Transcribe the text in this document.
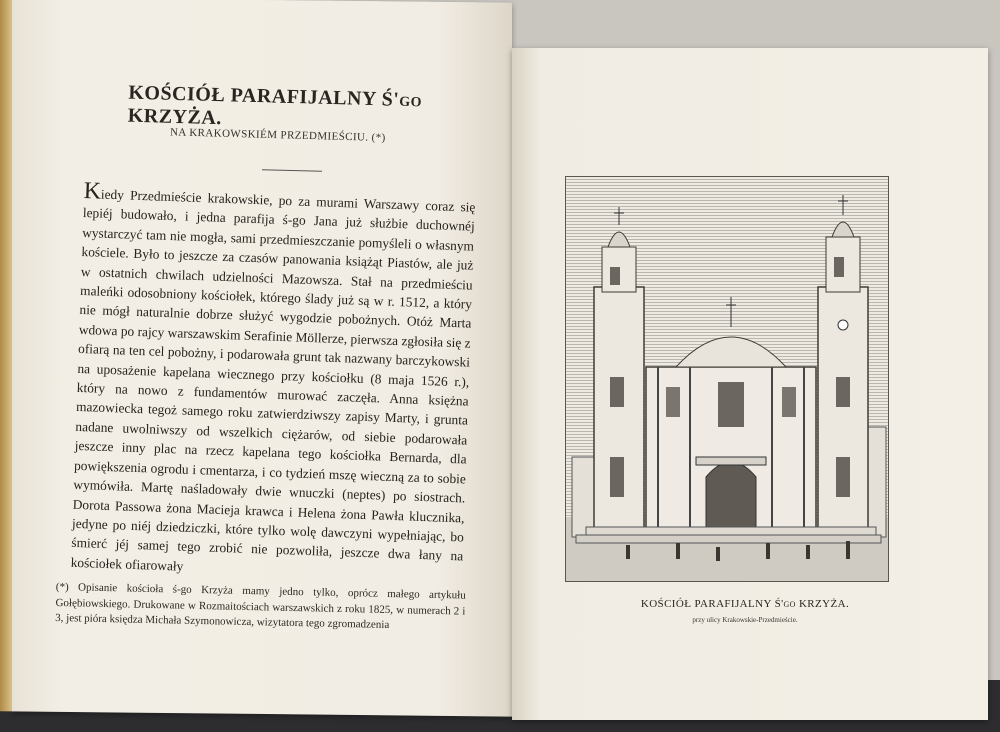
KOŚCIÓŁ PARAFIJALNY Ś'go KRZYŻA.
NA KRAKOWSKIÉM PRZEDMIEŚCIU. (*)
Kiedy Przedmieście krakowskie, po za murami Warszawy coraz się lepiéj budowało, i jedna parafija ś-go Jana już służbie duchownéj wystarczyć tam nie mogła, sami przedmieszczanie pomyśleli o własnym kościele. Było to jeszcze za czasów panowania książąt Piastów, ale już w ostatnich chwilach udzielności Mazowsza. Stał na przedmieściu maleńki odosobniony kościołek, którego ślady już są w r. 1512, a który nie mógł naturalnie dobrze służyć wygodzie pobożnych. Otóż Marta wdowa po rajcy warszawskim Serafinie Möllerze, pierwsza zgłosiła się z ofiarą na ten cel pobożny, i podarowała grunt tak nazwany barczykowski na uposażenie kapelana wiecznego przy kościołku (8 maja 1526 r.), który na nowo z fundamentów murować zaczęła. Anna księżna mazowiecka tegoż samego roku zatwierdziwszy zapisy Marty, i grunta nadane uwolniwszy od wszelkich ciężarów, od siebie podarowała jeszcze inny plac na rzecz kapelana tego kościołka Bernarda, dla powiększenia ogrodu i cmentarza, i co tydzień mszę wieczną za to sobie wymówiła. Martę naśladowały dwie wnuczki (neptes) po siostrach. Dorota Passowa żona Macieja krawca i Helena żona Pawła klucznika, jedyne po niéj dziedziczki, które tylko wolę dawczyni wypełniając, bo śmierć jéj samej tego zrobić nie pozwoliła, jeszcze dwa łany na kościołek ofiarowały
(*) Opisanie kościoła ś-go Krzyża mamy jedno tylko, oprócz małego artykułu Gołębiowskiego. Drukowane w Rozmaitościach warszawskich z roku 1825, w numerach 2 i 3, jest pióra księdza Michała Szymonowicza, wizytatora tego zgromadzenia
KOŚCIÓŁ PARAFIJALNY Ś'go KRZYŻA.
przy ulicy Krakowskie-Przedmieście.
